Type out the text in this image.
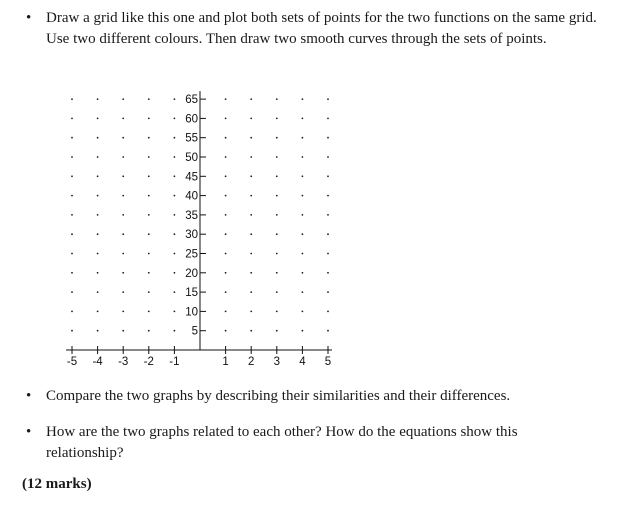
• Draw a grid like this one and plot both sets of points for the two functions on the same grid. Use two different colours. Then draw two smooth curves through the sets of points.
65
60
55
50
45
40
35
30
25
20
15
10
5
-5 -4 -3 -2 -1	1 2 3 4 5
• Compare the two graphs by describing their similarities and their differences.
• How are the two graphs related to each other? How do the equations show this relationship?
(12 marks)
